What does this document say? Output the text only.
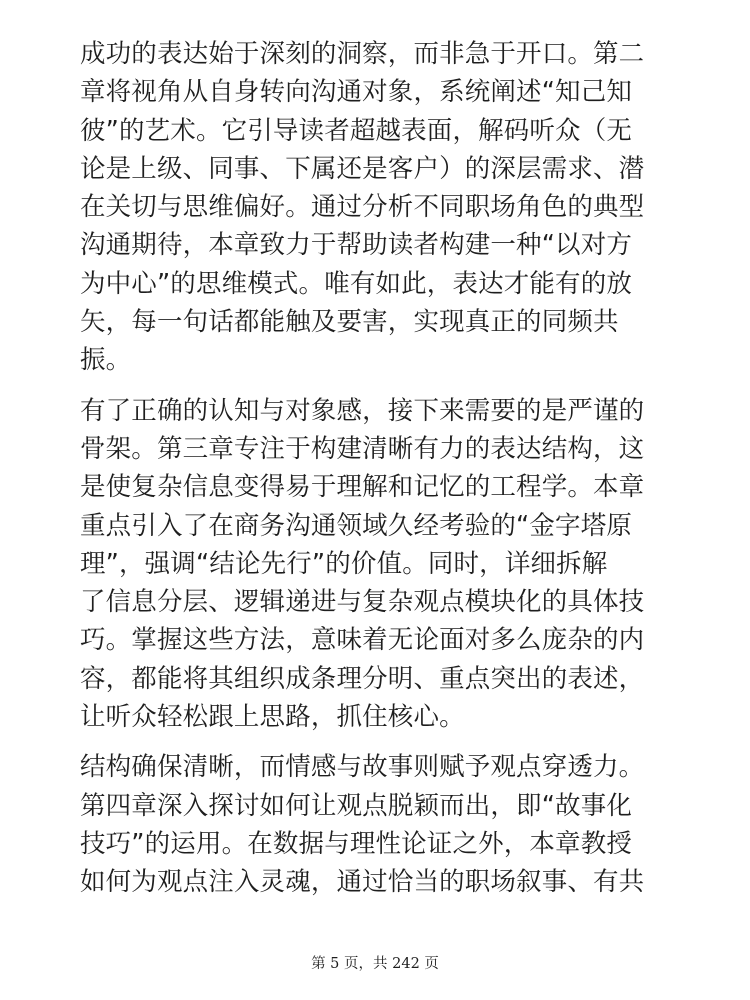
成功的表达始于深刻的洞察，而非急于开口。第二
章将视角从自身转向沟通对象，系统阐述“知己知
彼”的艺术。它引导读者超越表面，解码听众（无
论是上级、同事、下属还是客户）的深层需求、潜
在关切与思维偏好。通过分析不同职场角色的典型
沟通期待，本章致力于帮助读者构建一种“以对方
为中心”的思维模式。唯有如此，表达才能有的放
矢，每一句话都能触及要害，实现真正的同频共
振。

有了正确的认知与对象感，接下来需要的是严谨的
骨架。第三章专注于构建清晰有力的表达结构，这
是使复杂信息变得易于理解和记忆的工程学。本章
重点引入了在商务沟通领域久经考验的“金字塔原
理”，强调“结论先行”的价值。同时，详细拆解
了信息分层、逻辑递进与复杂观点模块化的具体技
巧。掌握这些方法，意味着无论面对多么庞杂的内
容，都能将其组织成条理分明、重点突出的表述，
让听众轻松跟上思路，抓住核心。

结构确保清晰，而情感与故事则赋予观点穿透力。
第四章深入探讨如何让观点脱颖而出，即“故事化
技巧”的运用。在数据与理性论证之外，本章教授
如何为观点注入灵魂，通过恰当的职场叙事、有共

第 5 页，共 242 页
